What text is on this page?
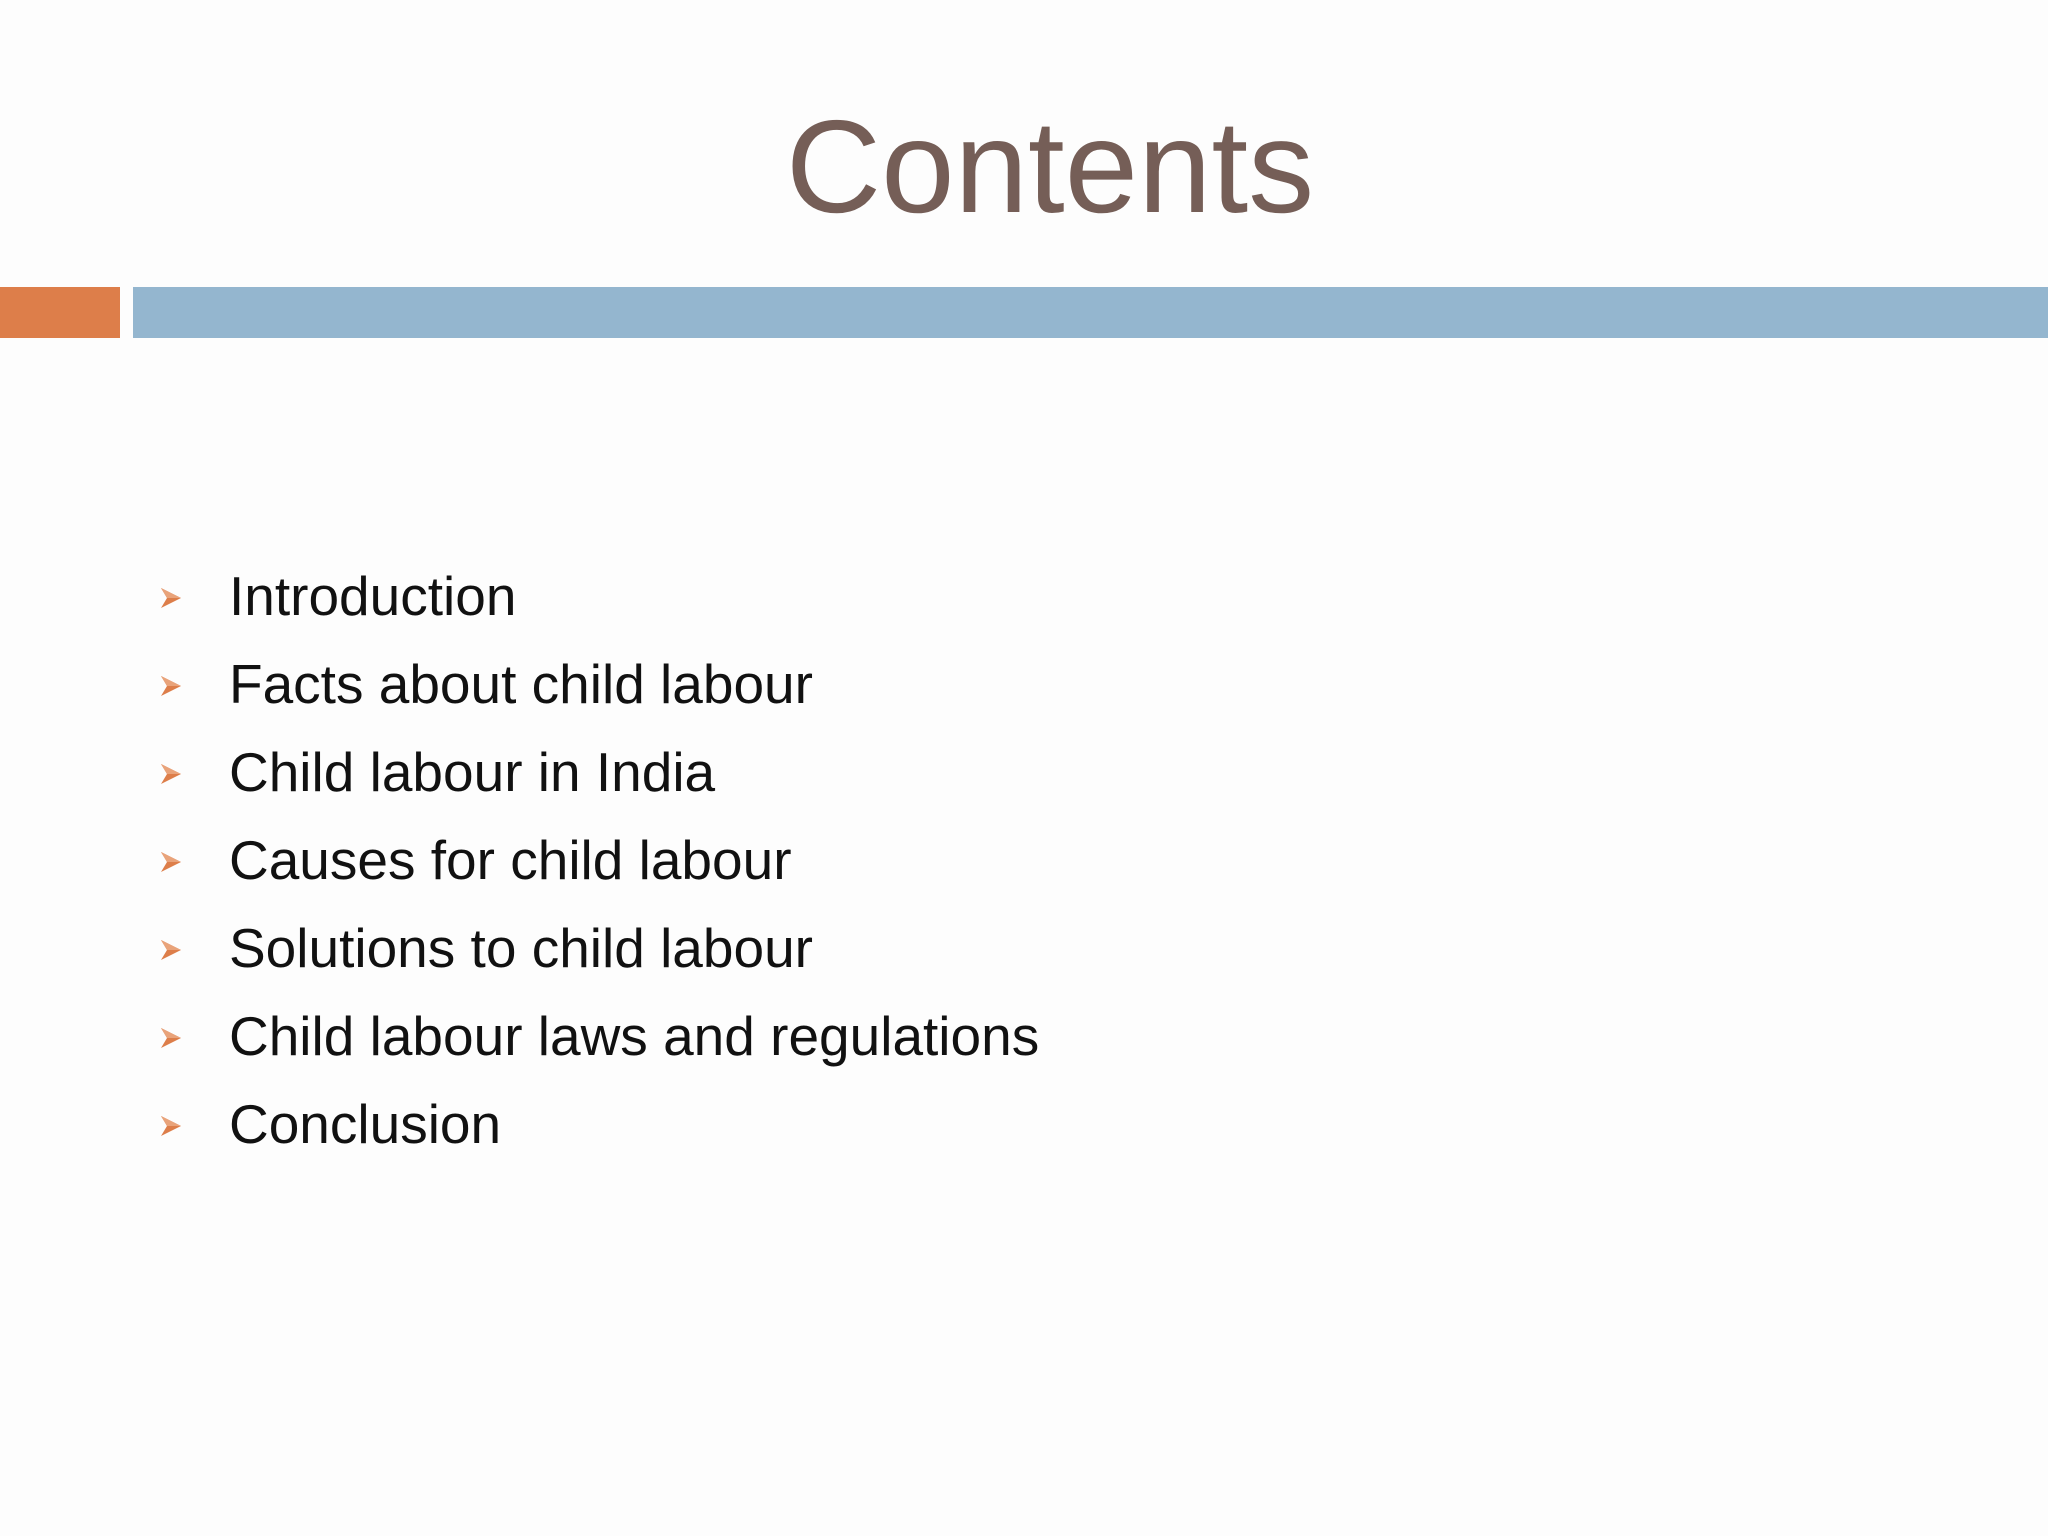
Contents
Introduction
Facts about child labour
Child labour in India
Causes for child labour
Solutions to child labour
Child labour laws and regulations
Conclusion
